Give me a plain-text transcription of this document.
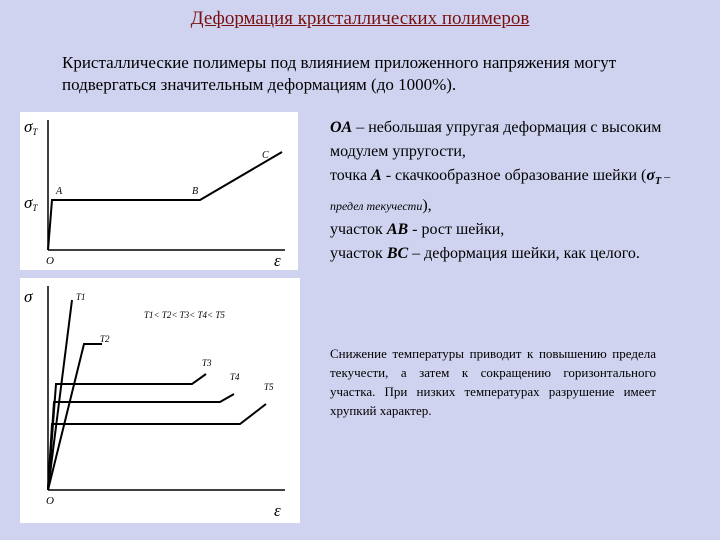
Деформация кристаллических полимеров
Кристаллические полимеры под влиянием приложенного напряжения могут подвергаться значительным деформациям (до 1000%).
σT
σT
O	ε
A	B
C
σ
O	ε
T1< T2< T3< T4< T5
T1
T2
T3
T4
T5
OA – небольшая упругая деформация с высоким модулем упругости,
точка A - скачкообразное образование шейки ($\sigma_T$ – предел текучести),
участок AB - рост шейки,
участок BC – деформация шейки, как целого.
Снижение температуры приводит к повышению предела текучести, а затем к сокращению горизонтального участка. При низких температурах разрушение имеет хрупкий характер.
